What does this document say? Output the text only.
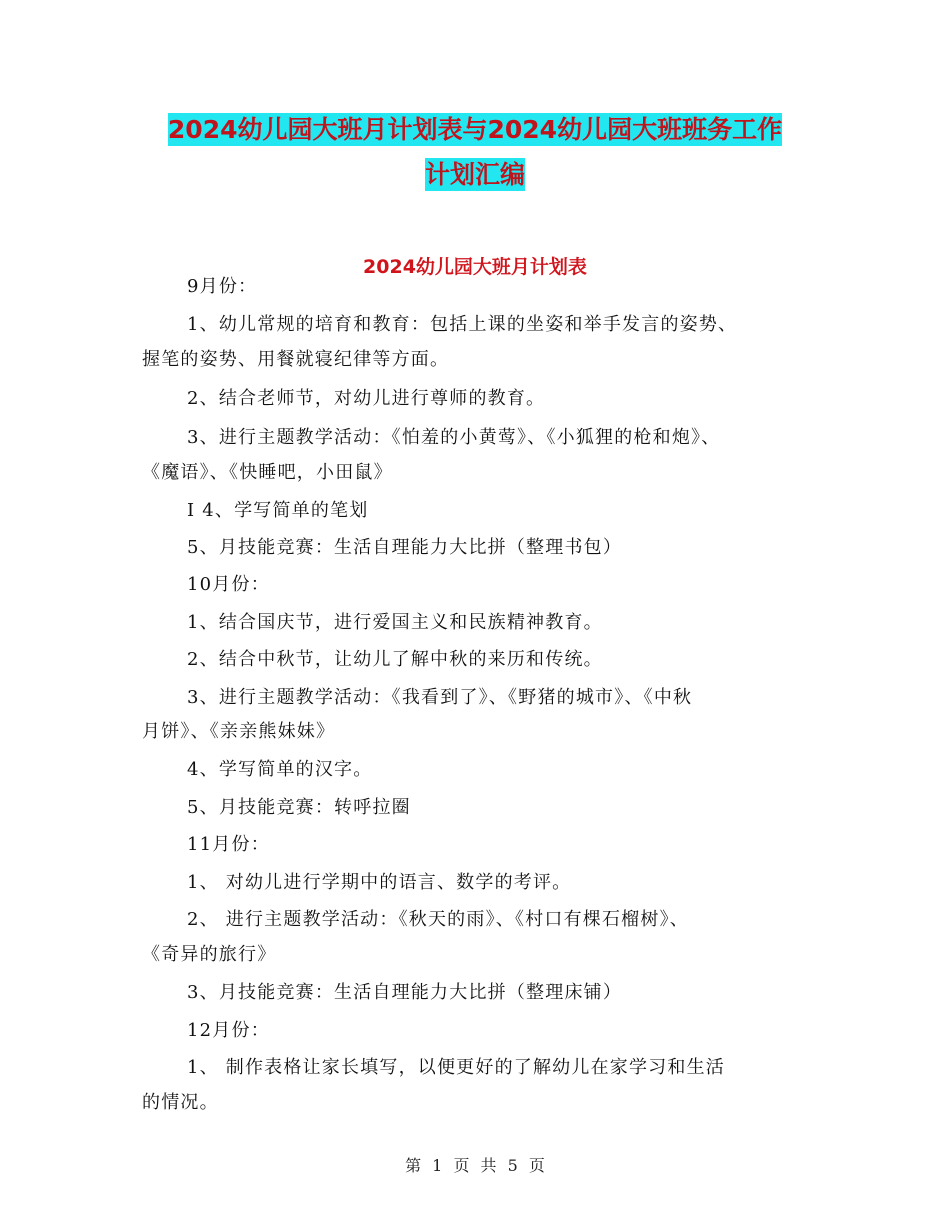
2024幼儿园大班月计划表与2024幼儿园大班班务工作
计划汇编
2024幼儿园大班月计划表
9月份：
1、幼儿常规的培育和教育：包括上课的坐姿和举手发言的姿势、
握笔的姿势、用餐就寝纪律等方面。
2、结合老师节，对幼儿进行尊师的教育。
3、进行主题教学活动：《怕羞的小黄莺》、《小狐狸的枪和炮》、
《魔语》、《快睡吧，小田鼠》
I 4、学写简单的笔划
5、月技能竞赛：生活自理能力大比拼（整理书包）
10月份：
1、结合国庆节，进行爱国主义和民族精神教育。
2、结合中秋节，让幼儿了解中秋的来历和传统。
3、进行主题教学活动：《我看到了》、《野猪的城市》、《中秋
月饼》、《亲亲熊妹妹》
4、学写简单的汉字。
5、月技能竞赛：转呼拉圈
11月份：
1、 对幼儿进行学期中的语言、数学的考评。
2、 进行主题教学活动：《秋天的雨》、《村口有棵石榴树》、
《奇异的旅行》
3、月技能竞赛：生活自理能力大比拼（整理床铺）
12月份：
1、 制作表格让家长填写，以便更好的了解幼儿在家学习和生活
的情况。
第 1 页 共 5 页
